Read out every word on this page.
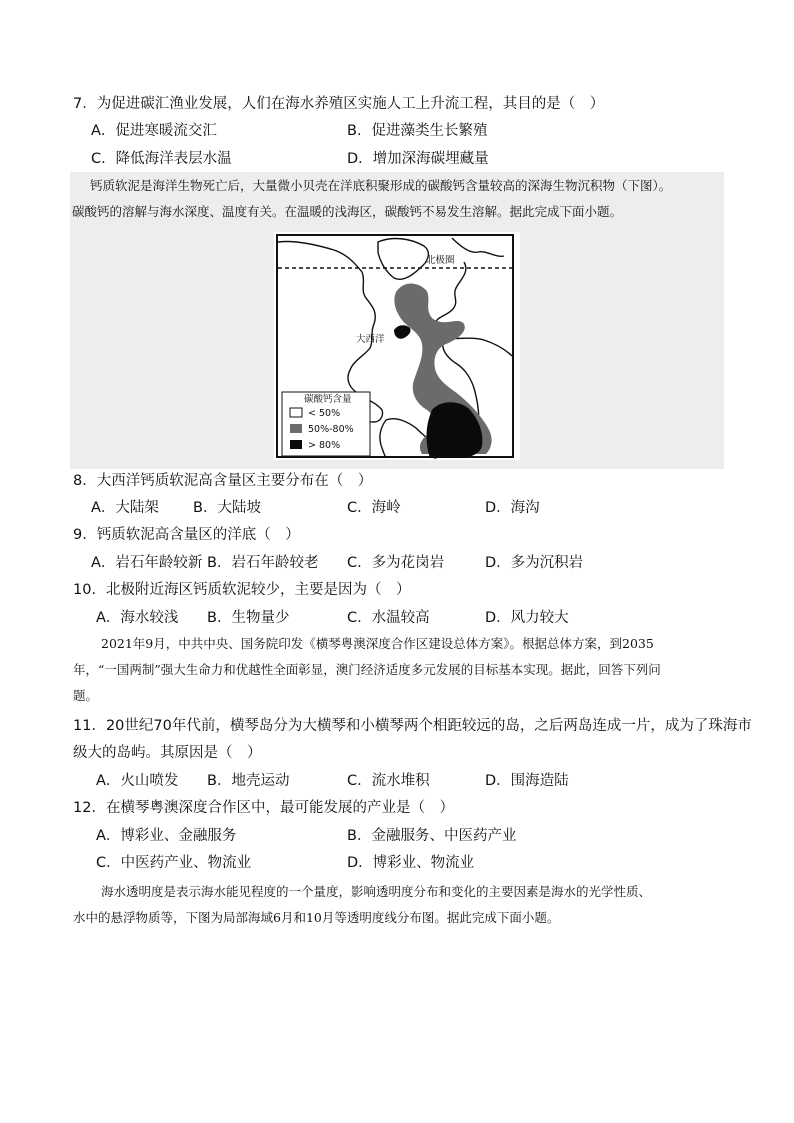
7．为促进碳汇渔业发展，人们在海水养殖区实施人工上升流工程，其目的是（　）
A．促进寒暖流交汇	B．促进藻类生长繁殖
C．降低海洋表层水温	D．增加深海碳埋藏量
钙质软泥是海洋生物死亡后，大量微小贝壳在洋底积聚形成的碳酸钙含量较高的深海生物沉积物（下图）。
碳酸钙的溶解与海水深度、温度有关。在温暖的浅海区，碳酸钙不易发生溶解。据此完成下面小题。
北极圈
大西洋
碳酸钙含量
< 50%
50%-80%
> 80%
8．大西洋钙质软泥高含量区主要分布在（　）
A．大陆架 B．大陆坡	C．海岭	D．海沟
9．钙质软泥高含量区的洋底（　）
A．岩石年龄较新 B．岩石年龄较老 C．多为花岗岩	D．多为沉积岩
10．北极附近海区钙质软泥较少，主要是因为（　）
A．海水较浅 B．生物量少	C．水温较高	D．风力较大
2021年9月，中共中央、国务院印发《横琴粤澳深度合作区建设总体方案》。根据总体方案，到2035
年，“一国两制”强大生命力和优越性全面彰显，澳门经济适度多元发展的目标基本实现。据此，回答下列问
题。
11．20世纪70年代前，横琴岛分为大横琴和小横琴两个相距较远的岛，之后两岛连成一片，成为了珠海市
级大的岛屿。其原因是（　）
A．火山喷发 B．地壳运动	C．流水堆积	D．围海造陆
12．在横琴粤澳深度合作区中，最可能发展的产业是（　）
A．博彩业、金融服务	B．金融服务、中医药产业
C．中医药产业、物流业	D．博彩业、物流业
海水透明度是表示海水能见程度的一个量度，影响透明度分布和变化的主要因素是海水的光学性质、
水中的悬浮物质等，下图为局部海域6月和10月等透明度线分布图。据此完成下面小题。
